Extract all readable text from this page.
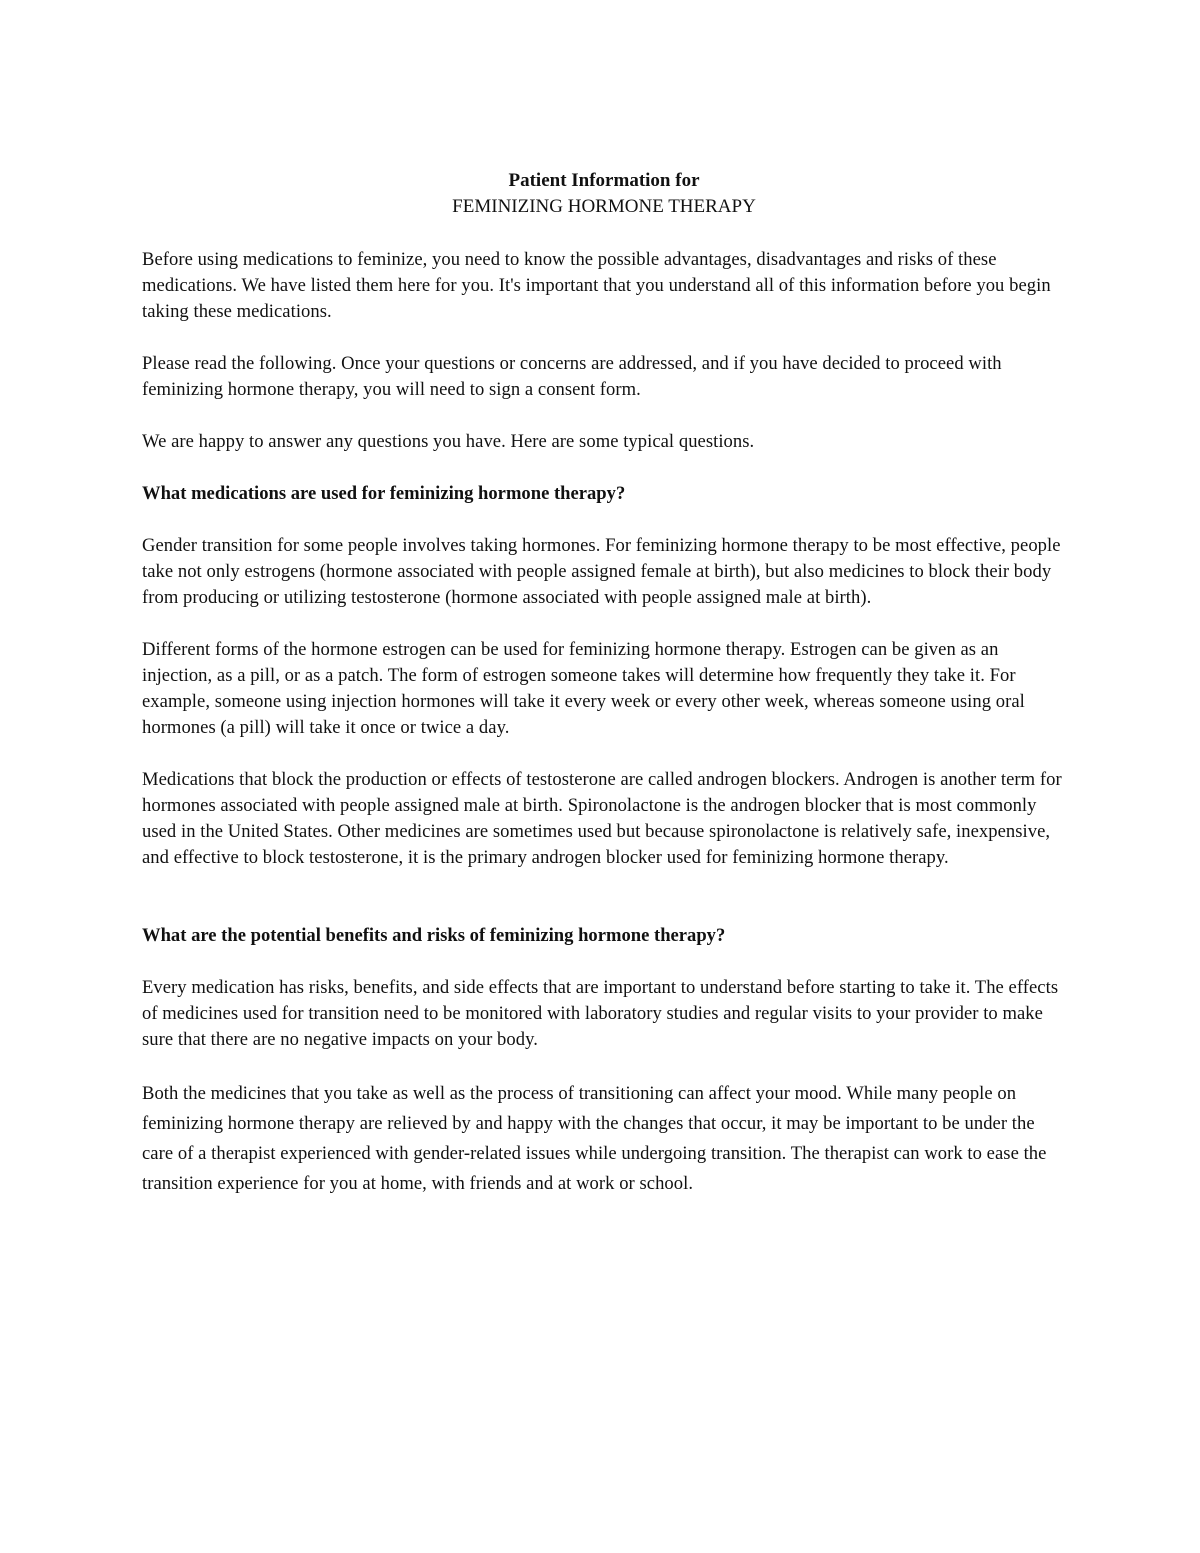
Patient Information for

FEMINIZING HORMONE THERAPY

Before using medications to feminize, you need to know the possible advantages, disadvantages and risks of these medications. We have listed them here for you. It's important that you understand all of this information before you begin taking these medications.

Please read the following. Once your questions or concerns are addressed, and if you have decided to proceed with feminizing hormone therapy, you will need to sign a consent form.

We are happy to answer any questions you have. Here are some typical questions.

What medications are used for feminizing hormone therapy?

Gender transition for some people involves taking hormones. For feminizing hormone therapy to be most effective, people take not only estrogens (hormone associated with people assigned female at birth), but also medicines to block their body from producing or utilizing testosterone (hormone associated with people assigned male at birth).

Different forms of the hormone estrogen can be used for feminizing hormone therapy. Estrogen can be given as an injection, as a pill, or as a patch. The form of estrogen someone takes will determine how frequently they take it. For example, someone using injection hormones will take it every week or every other week, whereas someone using oral hormones (a pill) will take it once or twice a day.

Medications that block the production or effects of testosterone are called androgen blockers. Androgen is another term for hormones associated with people assigned male at birth. Spironolactone is the androgen blocker that is most commonly used in the United States. Other medicines are sometimes used but because spironolactone is relatively safe, inexpensive, and effective to block testosterone, it is the primary androgen blocker used for feminizing hormone therapy.

What are the potential benefits and risks of feminizing hormone therapy?

Every medication has risks, benefits, and side effects that are important to understand before starting to take it. The effects of medicines used for transition need to be monitored with laboratory studies and regular visits to your provider to make sure that there are no negative impacts on your body.

Both the medicines that you take as well as the process of transitioning can affect your mood. While many people on feminizing hormone therapy are relieved by and happy with the changes that occur, it may be important to be under the care of a therapist experienced with gender-related issues while undergoing transition. The therapist can work to ease the transition experience for you at home, with friends and at work or school.
